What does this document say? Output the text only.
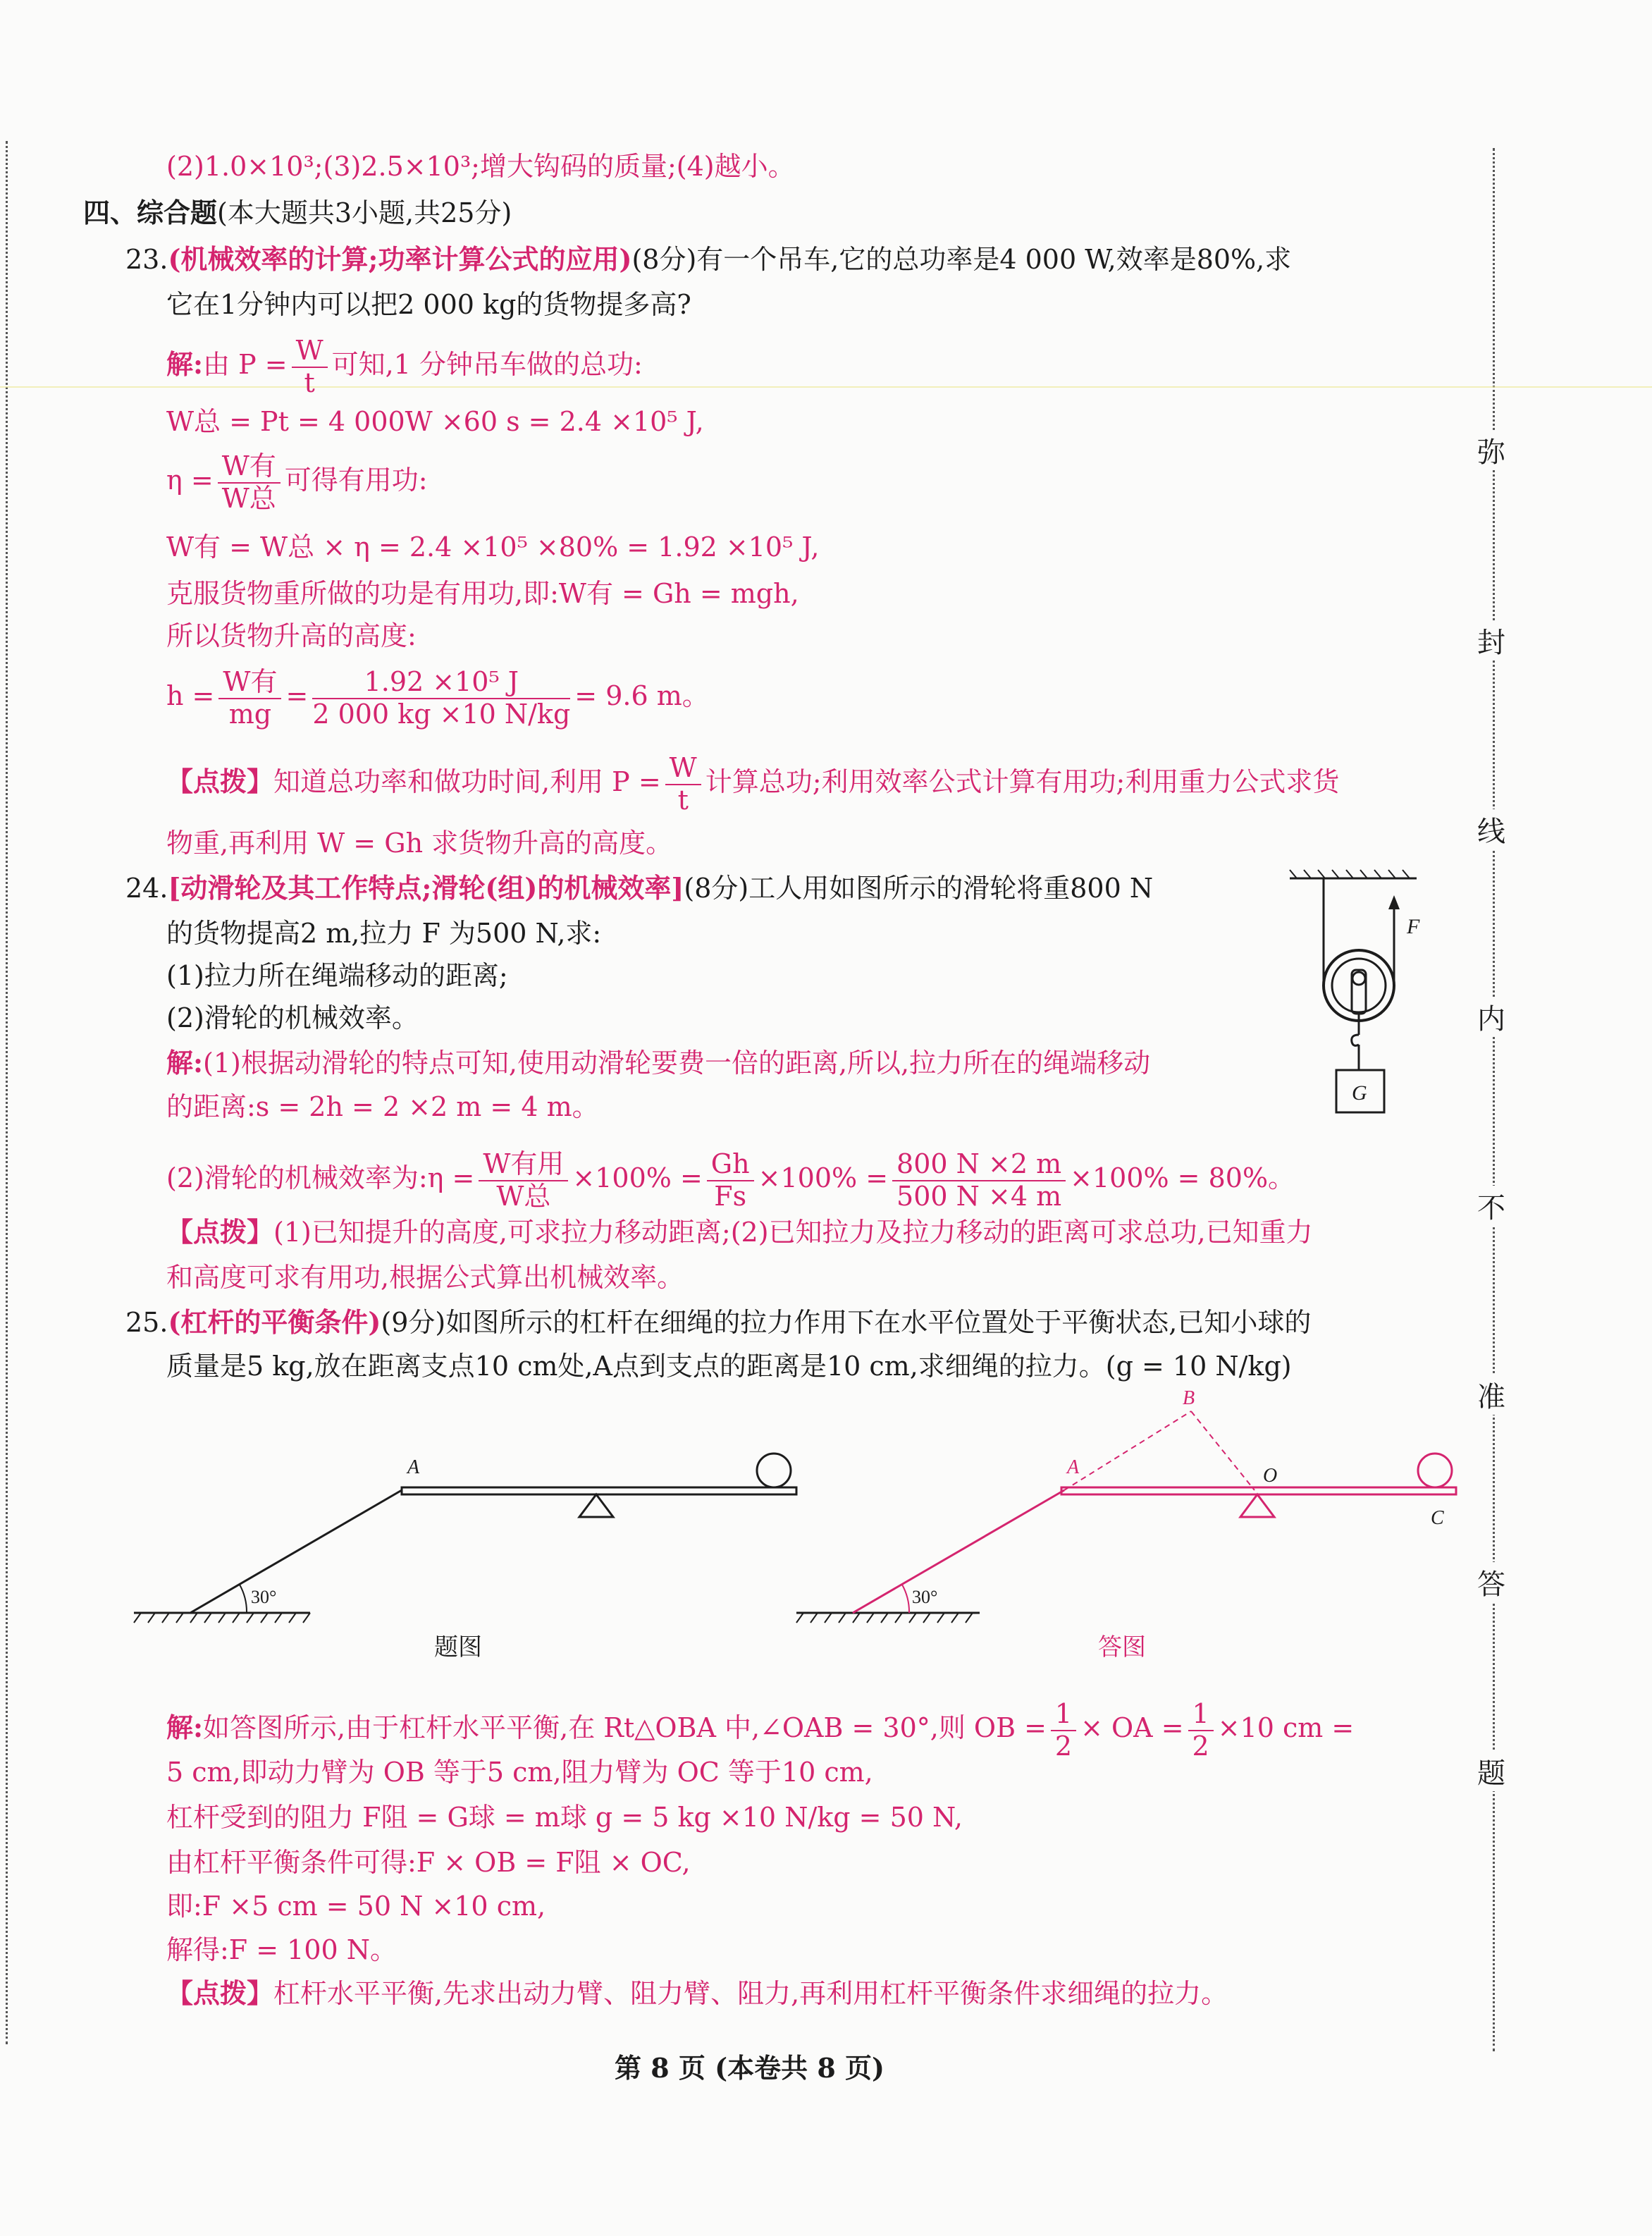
弥
封
线
内
不
准
答
题
(2)1.0×10³;(3)2.5×10³;增大钩码的质量;(4)越小。
四、综合题(本大题共3小题,共25分)
23.(机械效率的计算;功率计算公式的应用)(8分)有一个吊车,它的总功率是4 000 W,效率是80%,求
它在1分钟内可以把2 000 kg的货物提多高?
解:由 $P = \frac{W}{t}$ 可知,1 分钟吊车做的总功:
W总 = Pt = 4 000W ×60 s = 2.4 ×10⁵ J,
$\eta = \frac{\text{W有}}{\text{W总}}$ 可得有用功:
W有 = W总 × η = 2.4 ×10⁵ ×80% = 1.92 ×10⁵ J,
克服货物重所做的功是有用功,即:W有 = Gh = mgh,
所以货物升高的高度:
$h = \frac{\text{W有}}{mg} = \frac{\text{1.92 ×10⁵ J}}{2 000 kg \times 10 N/kg} = 9.6$ m。
【点拨】知道总功率和做功时间,利用 $P = \frac{W}{t}$ 计算总功;利用效率公式计算有用功;利用重力公式求货
物重,再利用 W = Gh 求货物升高的高度。
24.[动滑轮及其工作特点;滑轮(组)的机械效率](8分)工人用如图所示的滑轮将重800 N
的货物提高2 m,拉力 F 为500 N,求:
(1)拉力所在绳端移动的距离;
(2)滑轮的机械效率。
解:(1)根据动滑轮的特点可知,使用动滑轮要费一倍的距离,所以,拉力所在的绳端移动
的距离:s = 2h = 2 ×2 m = 4 m。
(2)滑轮的机械效率为:η = $\frac{\text{W有用}}{\text{W总}} \times 100\% = \frac{Gh}{Fs} \times 100\% = \frac{800 N \times 2 m}{500 N \times 4 m} \times 100\% = 80\%$。
【点拨】(1)已知提升的高度,可求拉力移动距离;(2)已知拉力及拉力移动的距离可求总功,已知重力
和高度可求有用功,根据公式算出机械效率。
F
G
25.(杠杆的平衡条件)(9分)如图所示的杠杆在细绳的拉力作用下在水平位置处于平衡状态,已知小球的
质量是5 kg,放在距离支点10 cm处,A点到支点的距离是10 cm,求细绳的拉力。(g = 10 N/kg)
30°
A
题图
30°
A
B
O
C
答图
解:如答图所示,由于杠杆水平平衡,在 Rt△OBA 中,∠OAB = 30°,则 OB = $\frac{1}{2}$ × OA = $\frac{1}{2} \times 10$ cm =
5 cm,即动力臂为 OB 等于5 cm,阻力臂为 OC 等于10 cm,
杠杆受到的阻力 F阻 = G球 = m球 g = 5 kg ×10 N/kg = 50 N,
由杠杆平衡条件可得:F × OB = F阻 × OC,
即:F ×5 cm = 50 N ×10 cm,
解得:F = 100 N。
【点拨】杠杆水平平衡,先求出动力臂、阻力臂、阻力,再利用杠杆平衡条件求细绳的拉力。
第 8 页 (本卷共 8 页)
